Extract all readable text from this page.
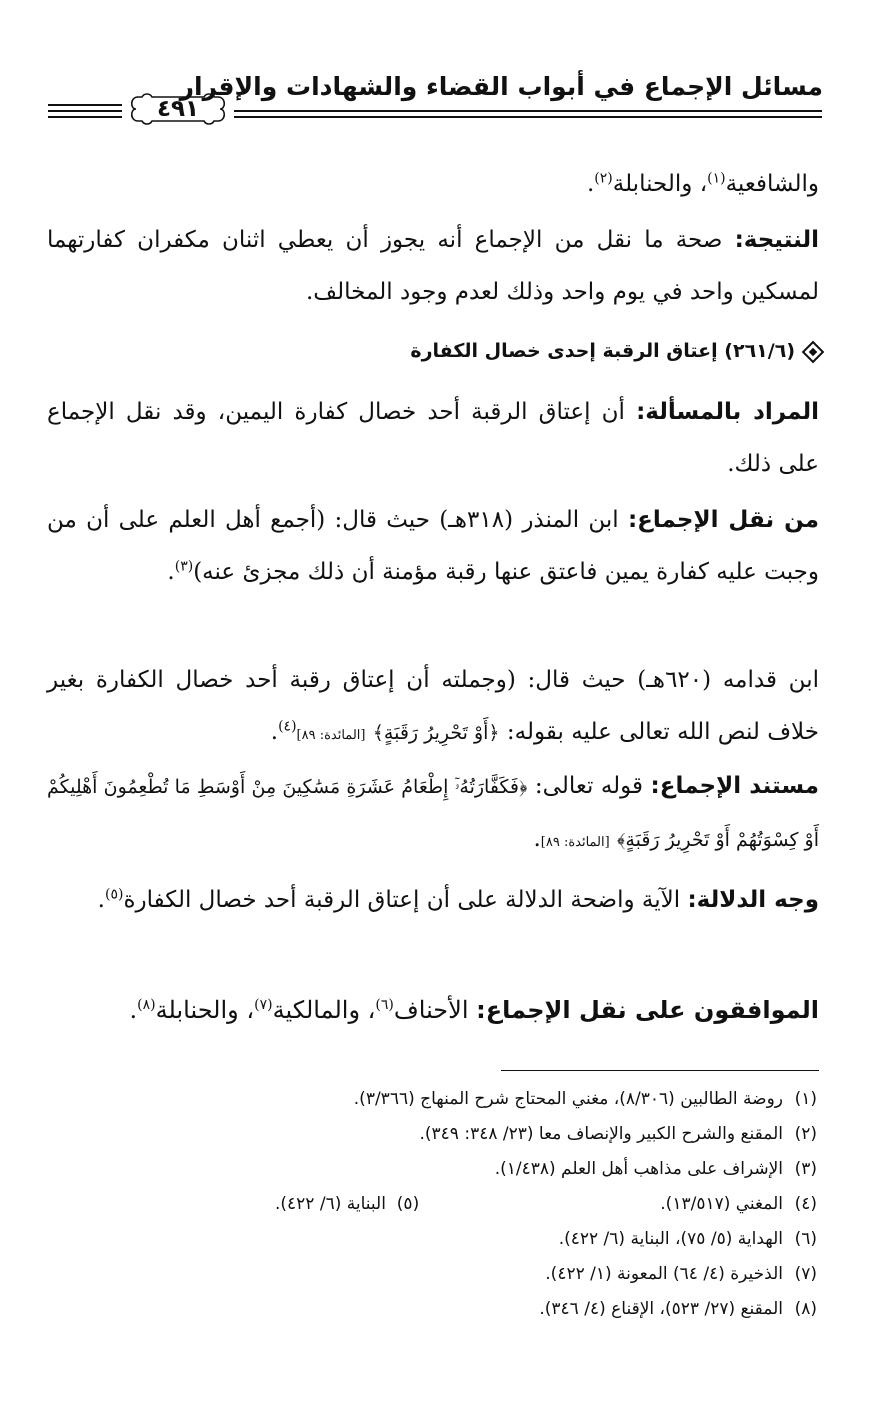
مسائل الإجماع في أبواب القضاء والشهادات والإقرار
٤٩١

والشافعية$^{(١)}$، والحنابلة$^{(٢)}$.

النتيجة: صحة ما نقل من الإجماع أنه يجوز أن يعطي اثنان مكفران كفارتهما لمسكين واحد في يوم واحد وذلك لعدم وجود المخالف.

(٢٦١/٦) إعتاق الرقبة إحدى خصال الكفارة

المراد بالمسألة: أن إعتاق الرقبة أحد خصال كفارة اليمين، وقد نقل الإجماع على ذلك.

من نقل الإجماع: ابن المنذر (٣١٨هـ) حيث قال: (أجمع أهل العلم على أن من وجبت عليه كفارة يمين فاعتق عنها رقبة مؤمنة أن ذلك مجزئ عنه)$^{(٣)}$.

ابن قدامه (٦٢٠هـ) حيث قال: (وجملته أن إعتاق رقبة أحد خصال الكفارة بغير خلاف لنص الله تعالى عليه بقوله: ﴿أَوْ تَحْرِيرُ رَقَبَةٍ﴾ [المائدة: ٨٩]$^{(٤)}$.

مستند الإجماع: قوله تعالى: ﴿فَكَفَّارَتُهُۥٓ إِطْعَامُ عَشَرَةِ مَسَٰكِينَ مِنْ أَوْسَطِ مَا تُطْعِمُونَ أَهْلِيكُمْ أَوْ كِسْوَتُهُمْ أَوْ تَحْرِيرُ رَقَبَةٍ﴾ [المائدة: ٨٩].

وجه الدلالة: الآية واضحة الدلالة على أن إعتاق الرقبة أحد خصال الكفارة$^{(٥)}$.

الموافقون على نقل الإجماع: الأحناف$^{(٦)}$، والمالكية$^{(٧)}$، والحنابلة$^{(٨)}$.

(١)روضة الطالبين (٨/٣٠٦)، مغني المحتاج شرح المنهاج (٣/٣٦٦).
(٢)المقنع والشرح الكبير والإنصاف معا (٢٣/ ٣٤٨: ٣٤٩).
(٣)الإشراف على مذاهب أهل العلم (١/٤٣٨).
(٤)المغني (١٣/٥١٧).
(٥)  البناية (٦/ ٤٢٢).
(٦)الهداية (٥/ ٧٥)، البناية (٦/ ٤٢٢).
(٧)الذخيرة (٤/ ٦٤) المعونة (١/ ٤٢٢).
(٨)المقنع (٢٧/ ٥٢٣)، الإقناع (٤/ ٣٤٦).
